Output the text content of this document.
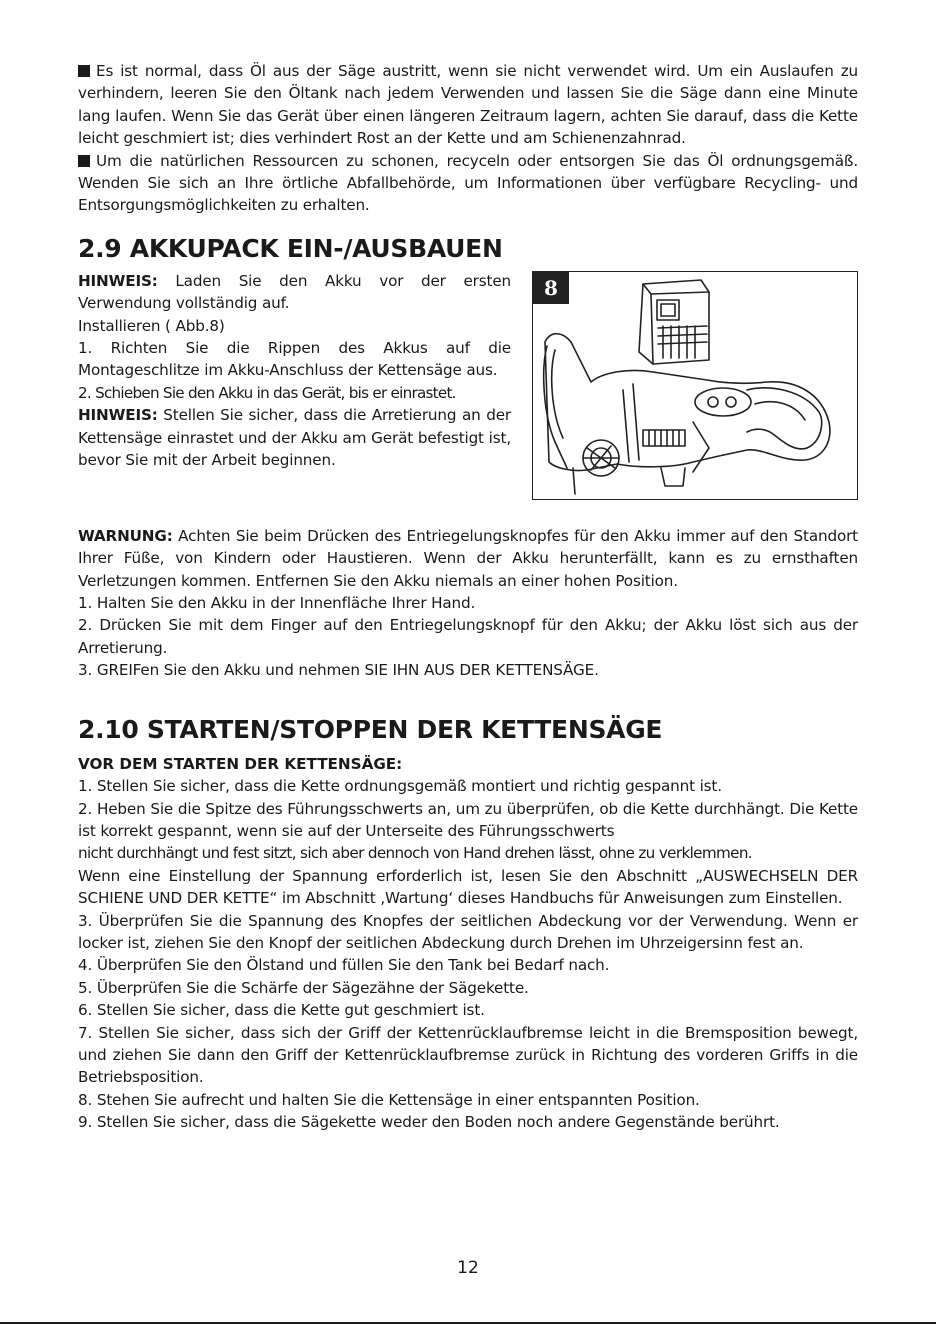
Es ist normal, dass Öl aus der Säge austritt, wenn sie nicht verwendet wird. Um ein Auslaufen zu verhindern, leeren Sie den Öltank nach jedem Verwenden und lassen Sie die Säge dann eine Minute lang laufen. Wenn Sie das Gerät über einen längeren Zeitraum lagern, achten Sie darauf, dass die Kette leicht geschmiert ist; dies verhindert Rost an der Kette und am Schienenzahnrad.

Um die natürlichen Ressourcen zu schonen, recyceln oder entsorgen Sie das Öl ordnungsgemäß. Wenden Sie sich an Ihre örtliche Abfallbehörde, um Informationen über verfügbare Recycling- und Entsorgungsmöglichkeiten zu erhalten.

2.9 AKKUPACK EIN-/AUSBAUEN

HINWEIS: Laden Sie den Akku vor der ersten Verwendung vollständig auf.

Installieren ( Abb.8)

1. Richten Sie die Rippen des Akkus auf die Montageschlitze im Akku-Anschluss der Kettensäge aus.

2. Schieben Sie den Akku in das Gerät, bis er einrastet.

HINWEIS: Stellen Sie sicher, dass die Arretierung an der Kettensäge einrastet und der Akku am Gerät befestigt ist, bevor Sie mit der Arbeit beginnen.

8

WARNUNG: Achten Sie beim Drücken des Entriegelungsknopfes für den Akku immer auf den Standort Ihrer Füße, von Kindern oder Haustieren. Wenn der Akku herunterfällt, kann es zu ernsthaften Verletzungen kommen. Entfernen Sie den Akku niemals an einer hohen Position.

1. Halten Sie den Akku in der Innenfläche Ihrer Hand.

2. Drücken Sie mit dem Finger auf den Entriegelungsknopf für den Akku; der Akku löst sich aus der Arretierung.

3. GREIFen Sie den Akku und nehmen SIE IHN AUS DER KETTENSÄGE.

2.10 STARTEN/STOPPEN DER KETTENSÄGE

VOR DEM STARTEN DER KETTENSÄGE:

1. Stellen Sie sicher, dass die Kette ordnungsgemäß montiert und richtig gespannt ist.

2. Heben Sie die Spitze des Führungsschwerts an, um zu überprüfen, ob die Kette durchhängt. Die Kette ist korrekt gespannt, wenn sie auf der Unterseite des Führungsschwerts

nicht durchhängt und fest sitzt, sich aber dennoch von Hand drehen lässt, ohne zu verklemmen.

Wenn eine Einstellung der Spannung erforderlich ist, lesen Sie den Abschnitt „AUSWECHSELN DER SCHIENE UND DER KETTE“ im Abschnitt ‚Wartung‘ dieses Handbuchs für Anweisungen zum Einstellen.

3. Überprüfen Sie die Spannung des Knopfes der seitlichen Abdeckung vor der Verwendung. Wenn er locker ist, ziehen Sie den Knopf der seitlichen Abdeckung durch Drehen im Uhrzeigersinn fest an.

4. Überprüfen Sie den Ölstand und füllen Sie den Tank bei Bedarf nach.

5. Überprüfen Sie die Schärfe der Sägezähne der Sägekette.

6. Stellen Sie sicher, dass die Kette gut geschmiert ist.

7. Stellen Sie sicher, dass sich der Griff der Kettenrücklaufbremse leicht in die Bremsposition bewegt, und ziehen Sie dann den Griff der Kettenrücklaufbremse zurück in Richtung des vorderen Griffs in die Betriebsposition.

8. Stehen Sie aufrecht und halten Sie die Kettensäge in einer entspannten Position.

9. Stellen Sie sicher, dass die Sägekette weder den Boden noch andere Gegenstände berührt.

12
